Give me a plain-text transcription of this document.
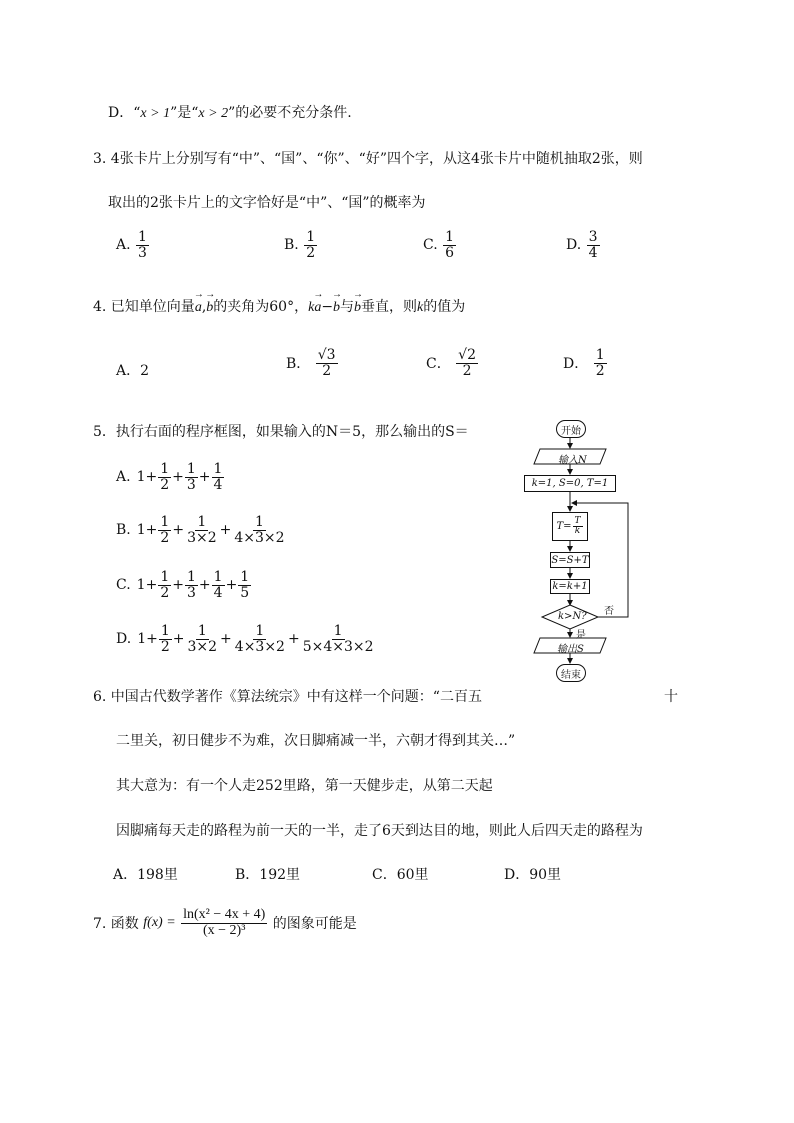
D．“x > 1”是“x > 2”的必要不充分条件.
3. 4张卡片上分别写有“中”、“国”、“你”、“好”四个字，从这4张卡片中随机抽取2张，则
取出的2张卡片上的文字恰好是“中”、“国”的概率为
A. $\frac{1}{3}$	B. $\frac{1}{2}$	C. $\frac{1}{6}$	D. $\frac{3}{4}$
4. 已知单位向量→ a,→ b的夹角为60°，k→ a−→ b与→ b垂直，则k的值为
A．2	B． $\frac{√3}{2}$	C． $\frac{√2}{2}$	D． $\frac{1}{2}$
5．执行右面的程序框图，如果输入的N＝5，那么输出的S＝
A. $1+ \frac{1}{2} + \frac{1}{3} + \frac{1}{4}$
B. $1+ \frac{1}{2} + \frac{1}{3\times 2} + \frac{1}{4\times 3\times 2}$
C. $1+ \frac{1}{2} + \frac{1}{3} + \frac{1}{4} + \frac{1}{5}$
D. $1+ \frac{1}{2} + \frac{1}{3\times 2} + \frac{1}{4\times 3\times 2} + \frac{1}{5\times 4\times 3\times 2}$
开始
输入N
k=1, S=0, T=1
$T= \frac{T}{k}$
S=S+T
k=k+1
k>N? 否
是
输出S
结束
6. 中国古代数学著作《算法统宗》中有这样一个问题：“二百五	十
二里关，初日健步不为难，次日脚痛减一半，六朝才得到其关…”
其大意为：有一个人走252里路，第一天健步走，从第二天起
因脚痛每天走的路程为前一天的一半，走了6天到达目的地，则此人后四天走的路程为
A．198里	B．192里	C．60里	D．90里
7. 函数 $f(x) = \frac{\text{ln(x² − 4x + 4)}}{\text{(x − 2)³}}$ 的图象可能是
